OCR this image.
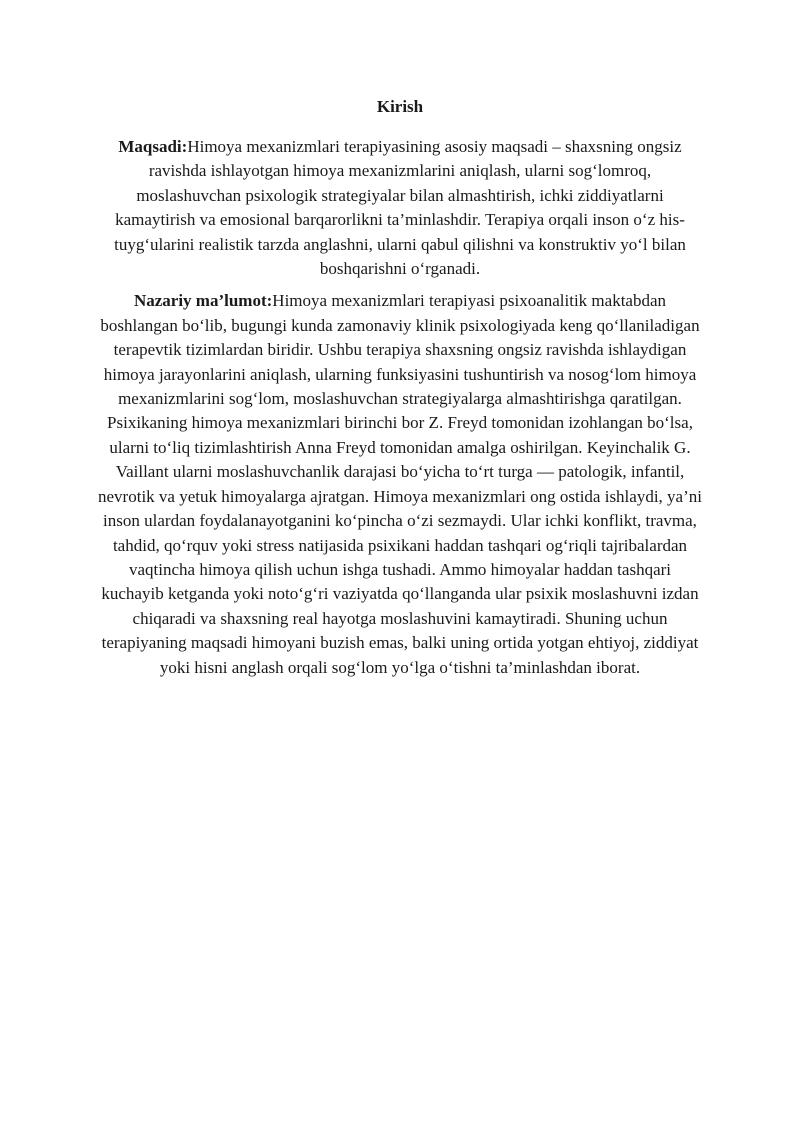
Kirish

Maqsadi:Himoya mexanizmlari terapiyasining asosiy maqsadi – shaxsning ongsiz ravishda ishlayotgan himoya mexanizmlarini aniqlash, ularni sog‘lomroq, moslashuvchan psixologik strategiyalar bilan almashtirish, ichki ziddiyatlarni kamaytirish va emosional barqarorlikni ta’minlashdir. Terapiya orqali inson o‘z his-tuyg‘ularini realistik tarzda anglashni, ularni qabul qilishni va konstruktiv yo‘l bilan boshqarishni o‘rganadi.

Nazariy ma’lumot:Himoya mexanizmlari terapiyasi psixoanalitik maktabdan boshlangan bo‘lib, bugungi kunda zamonaviy klinik psixologiyada keng qo‘llaniladigan terapevtik tizimlardan biridir. Ushbu terapiya shaxsning ongsiz ravishda ishlaydigan himoya jarayonlarini aniqlash, ularning funksiyasini tushuntirish va nosog‘lom himoya mexanizmlarini sog‘lom, moslashuvchan strategiyalarga almashtirishga qaratilgan. Psixikaning himoya mexanizmlari birinchi bor Z. Freyd tomonidan izohlangan bo‘lsa, ularni to‘liq tizimlashtirish Anna Freyd tomonidan amalga oshirilgan. Keyinchalik G. Vaillant ularni moslashuvchanlik darajasi bo‘yicha to‘rt turga — patologik, infantil, nevrotik va yetuk himoyalarga ajratgan. Himoya mexanizmlari ong ostida ishlaydi, ya’ni inson ulardan foydalanayotganini ko‘pincha o‘zi sezmaydi. Ular ichki konflikt, travma, tahdid, qo‘rquv yoki stress natijasida psixikani haddan tashqari og‘riqli tajribalardan vaqtincha himoya qilish uchun ishga tushadi. Ammo himoyalar haddan tashqari kuchayib ketganda yoki noto‘g‘ri vaziyatda qo‘llanganda ular psixik moslashuvni izdan chiqaradi va shaxsning real hayotga moslashuvini kamaytiradi. Shuning uchun terapiyaning maqsadi himoyani buzish emas, balki uning ortida yotgan ehtiyoj, ziddiyat yoki hisni anglash orqali sog‘lom yo‘lga o‘tishni ta’minlashdan iborat.
